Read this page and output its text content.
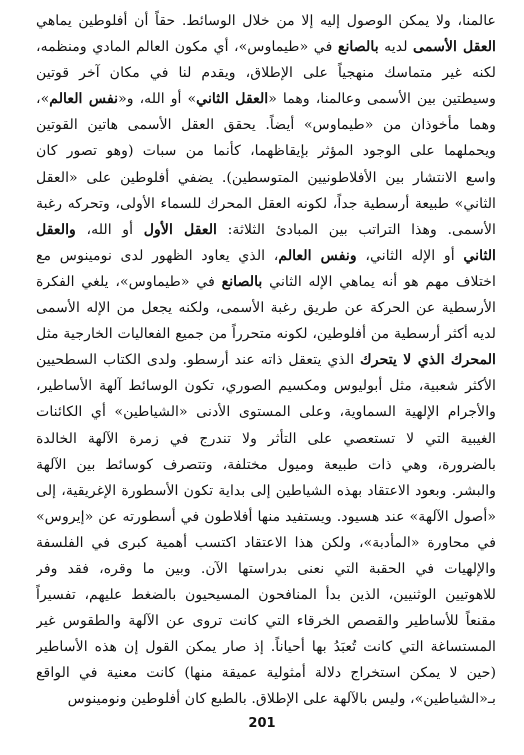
عالمنا، ولا يمكن الوصول إليه إلا من خلال الوسائط. حقاً أن أفلوطين يماهي
العقل الأسمى لديه بالصانع في «طيماوس»، أي مكون العالم المادي ومنظمه،
لكنه غير متماسك منهجياً على الإطلاق، ويقدم لنا في مكان آخر قوتين
وسيطتين بين الأسمى وعالمنا، وهما «العقل الثاني» أو الله، و«نفس العالم»،
وهما مأخوذان من «طيماوس» أيضاً. يحقق العقل الأسمى هاتين القوتين
ويحملهما على الوجود المؤثر بإيقاظهما، كأنما من سبات (وهو تصور كان
واسع الانتشار بين الأفلاطونيين المتوسطين). يضفي أفلوطين على «العقل
الثاني» طبيعة أرسطية جداً، لكونه العقل المحرك للسماء الأولى، وتحركه رغبة
الأسمى. وهذا التراتب بين المبادئ الثلاثة: العقل الأول أو الله، والعقل
الثاني أو الإله الثاني، ونفس العالم، الذي يعاود الظهور لدى نومينوس مع
اختلاف مهم هو أنه يماهي الإله الثاني بالصانع في «طيماوس»، يلغي الفكرة
الأرسطية عن الحركة عن طريق رغبة الأسمى، ولكنه يجعل من الإله الأسمى
لديه أكثر أرسطية من أفلوطين، لكونه متحرراً من جميع الفعاليات الخارجية مثل
المحرك الذي لا يتحرك الذي يتعقل ذاته عند أرسطو. ولدى الكتاب السطحيين
الأكثر شعبية، مثل أبوليوس ومكسيم الصوري، تكون الوسائط آلهة الأساطير،
والأجرام الإلهية السماوية، وعلى المستوى الأدنى «الشياطين» أي الكائنات
الغيبية التي لا تستعصي على التأثر ولا تندرج في زمرة الآلهة الخالدة
بالضرورة، وهي ذات طبيعة وميول مختلفة، وتتصرف كوسائط بين الآلهة
والبشر. وبعود الاعتقاد بهذه الشياطين إلى بداية تكون الأسطورة الإغريقية، إلى
«أصول الآلهة» عند هسيود. ويستفيد منها أفلاطون في أسطورته عن «إيروس»
في محاورة «المأدبة»، ولكن هذا الاعتقاد اكتسب أهمية كبرى في الفلسفة
والإلهيات في الحقبة التي نعنى بدراستها الآن. وبين ما وقره، فقد وفر
للاهوتيين الوثنيين، الذين بدأ المنافحون المسيحيون بالضغط عليهم، تفسيراً
مقنعاً للأساطير والقصص الخرقاء التي كانت تروى عن الآلهة والطقوس غير
المستساغة التي كانت تُعبَدُ بها أحياناً. إذ صار يمكن القول إن هذه الأساطير
(حين لا يمكن استخراج دلالة أمثولية عميقة منها) كانت معنية في الواقع
بـ«الشياطين»، وليس بالآلهة على الإطلاق. بالطبع كان أفلوطين ونومينوس
201
